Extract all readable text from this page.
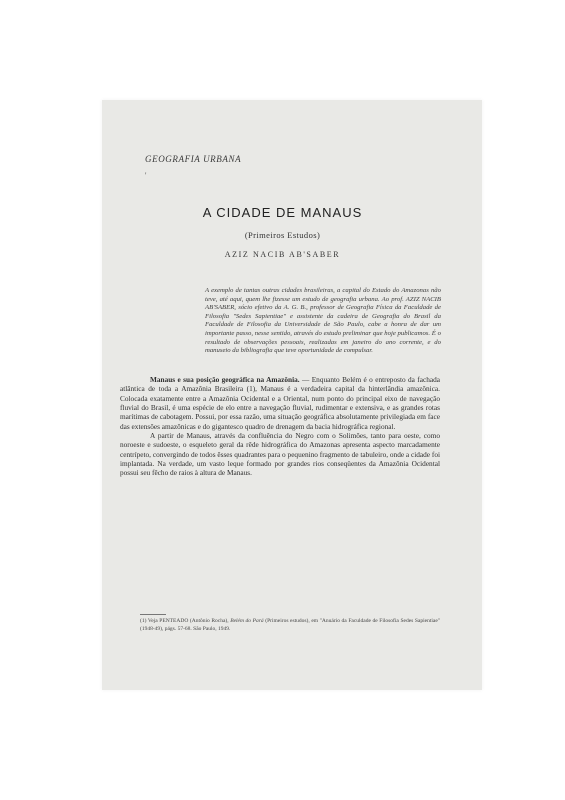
GEOGRAFIA URBANA
'
A CIDADE DE MANAUS
(Primeiros Estudos)
AZIZ NACIB AB'SABER
A exemplo de tantas outras cidades brasileiras, a capital do Estado do Amazonas não teve, até aqui, quem lhe fizesse um estudo de geografia urbana. Ao prof. AZIZ NACIB AB'SABER, sócio efetivo da A. G. B., professor de Geografia Física da Faculdade de Filosofia "Sedes Sapientiae" e assistente da cadeira de Geografia do Brasil da Faculdade de Filosofia da Universidade de São Paulo, cabe a honra de dar um importante passo, nesse sentido, através do estudo preliminar que hoje publicamos. É o resultado de observações pessoais, realizadas em janeiro do ano corrente, e do manuseio da bibliografia que teve oportunidade de compulsar.

Manaus e sua posição geográfica na Amazônia. — Enquanto Belém é o entreposto da fachada atlântica de toda a Amazônia Brasileira (1), Manaus é a verdadeira capital da hinterlândia amazônica. Colocada exatamente entre a Amazônia Ocidental e a Oriental, num ponto do principal eixo de navegação fluvial do Brasil, é uma espécie de elo entre a navegação fluvial, rudimentar e extensiva, e as grandes rotas marítimas de cabotagem. Possui, por essa razão, uma situação geográfica absolutamente privilegiada em face das extensões amazônicas e do gigantesco quadro de drenagem da bacia hidrográfica regional.

A partir de Manaus, através da confluência do Negro com o Solimões, tanto para oeste, como noroeste e sudoeste, o esqueleto geral da rêde hidrográfica do Amazonas apresenta aspecto marcadamente centrípeto, convergindo de todos êsses quadrantes para o pequenino fragmento de tabuleiro, onde a cidade foi implantada. Na verdade, um vasto leque formado por grandes rios conseqüentes da Amazônia Ocidental possui seu fêcho de raios à altura de Manaus.

(1) Veja PENTEADO (Antônio Rocha), Belém do Pará (Primeiros estudos), em "Anuário da Faculdade de Filosofia Sedes Sapientiae" (1948-49), págs. 57-68. São Paulo, 1949.
